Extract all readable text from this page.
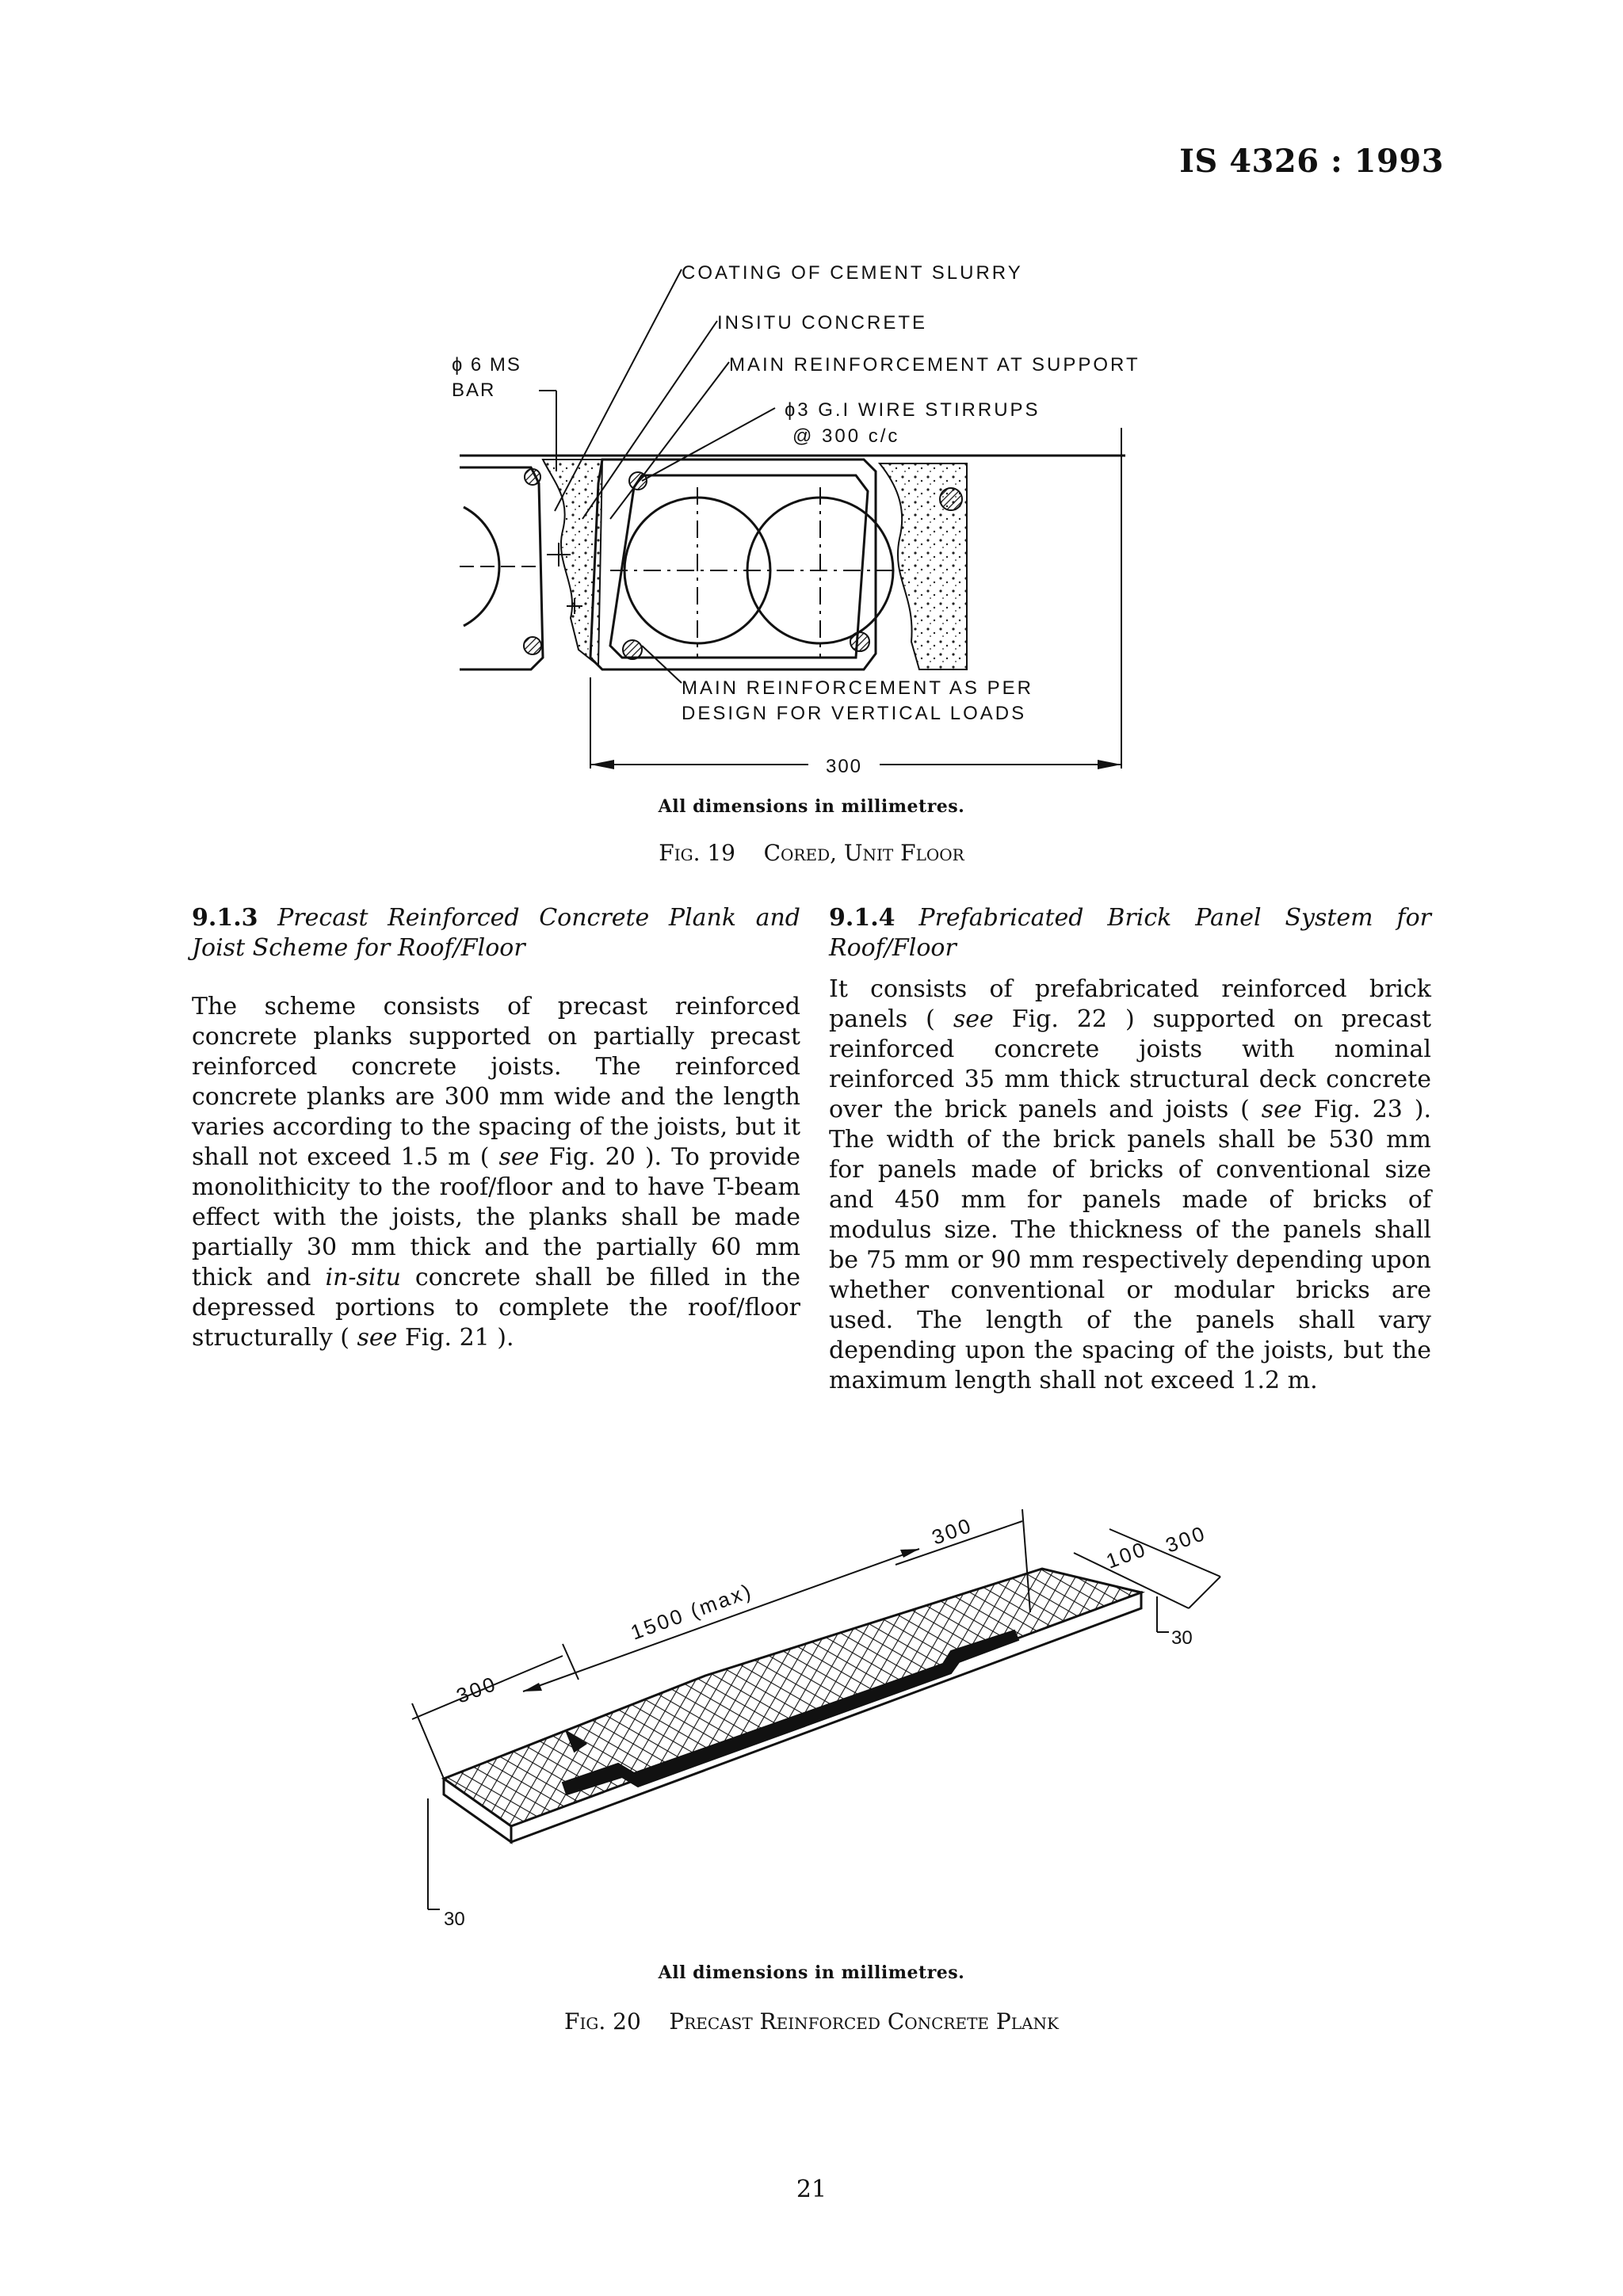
IS 4326 : 1993
COATING OF CEMENT SLURRY
INSITU CONCRETE
MAIN REINFORCEMENT AT SUPPORT
ɸ 6 MS
BAR
ɸ3 G.I WIRE STIRRUPS
@ 300 c/c
MAIN REINFORCEMENT AS PER
DESIGN FOR VERTICAL LOADS
300
All dimensions in millimetres.
Fig. 19 Cored, Unit Floor

9.1.3 Precast Reinforced Concrete Plank and Joist Scheme for Roof/Floor

The scheme consists of precast reinforced concrete planks supported on partially precast reinforced concrete joists. The reinforced concrete planks are 300 mm wide and the length varies according to the spacing of the joists, but it shall not exceed 1.5 m ( see Fig. 20 ). To provide monolithicity to the roof/floor and to have T-beam effect with the joists, the planks shall be made partially 30 mm thick and the partially 60 mm thick and in-situ concrete shall be filled in the depressed portions to complete the roof/floor structurally ( see Fig. 21 ).

9.1.4 Prefabricated Brick Panel System for Roof/Floor

It consists of prefabricated reinforced brick panels ( see Fig. 22 ) supported on precast reinforced concrete joists with nominal reinforced 35 mm thick structural deck concrete over the brick panels and joists ( see Fig. 23 ). The width of the brick panels shall be 530 mm for panels made of bricks of conventional size and 450 mm for panels made of bricks of modulus size. The thickness of the panels shall be 75 mm or 90 mm respectively depending upon whether conventional or modular bricks are used. The length of the panels shall vary depending upon the spacing of the joists, but the maximum length shall not exceed 1.2 m.

1500 (max)
300
100 300
300
30
30
All dimensions in millimetres.
Fig. 20 Precast Reinforced Concrete Plank
21
